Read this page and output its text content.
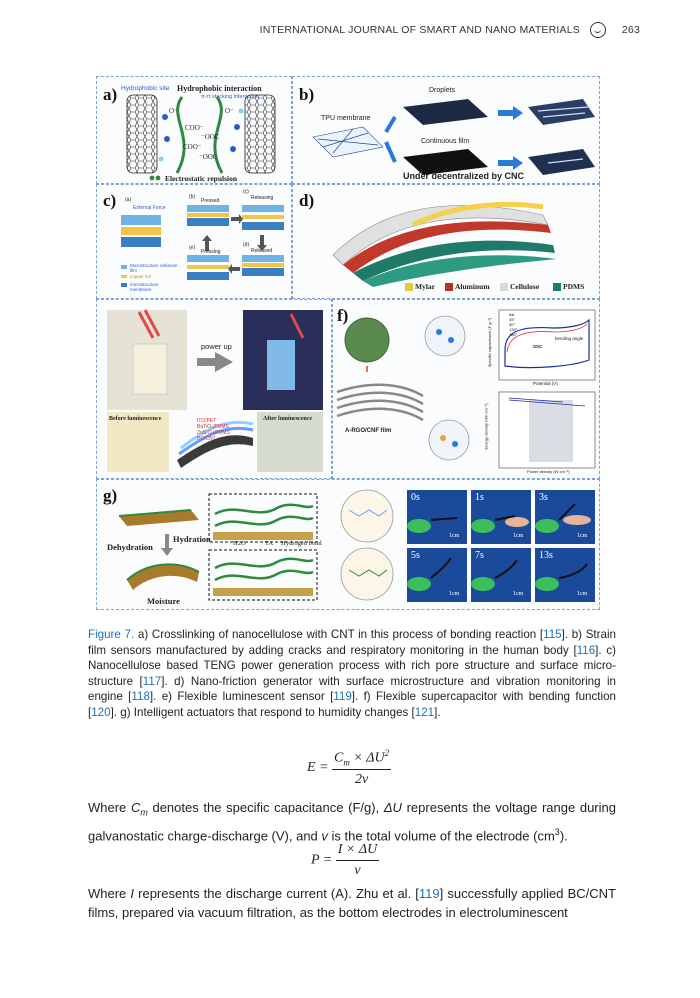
INTERNATIONAL JOURNAL OF SMART AND NANO MATERIALS	263
a) Hydrophobic site Hydrophobic interaction
π-π stacking interaction
COO⁻
COO⁻
⁻OOC
⁻OOC
O⁻	O⁻
Electrostatic repulsion
b)
TPU membrane
Droplets
Continuous film
Under decentralized by CNC
c) (a)
External Force
(b)
Pressed
(c)
Releasing
(e)
Pressing
(d)
Released
Microstructure cellulose film
copper foil
microstructure membrane
d)
Mylar	Aluminum	Cellulose	PDMS
power up
Before luminescence	After luminescence
ITO/PET BaTiO₃/PDMS ZnS:Cu/PDMS BC/CNT
f)
A-RGO/CNF film
Potential (V)
Specific capacitance (F g⁻¹)
flat
45°
90°
135°
180°
bending angle
SSC
Power density (W cm⁻³)
Energy density (Wh cm⁻³)
g)
Dehydration
Hydration
Moisture
H2O	TA Hydrogen bond
0s	1s	3s
5s	7s	13s
1cm	1cm	1cm
1cm	1cm	1cm
Figure 7. a) Crosslinking of nanocellulose with CNT in this process of bonding reaction [115]. b) Strain film sensors manufactured by adding cracks and respiratory monitoring in the human body [116]. c) Nanocellulose based TENG power generation process with rich pore structure and surface micro-structure [117]. d) Nano-friction generator with surface microstructure and vibration monitoring in engine [118]. e) Flexible luminescent sensor [119]. f) Flexible supercapacitor with bending function [120]. g) Intelligent actuators that respond to humidity changes [121].
$E = \frac{C_m \times \Delta U^2}{2v}$
Where $C_m$ denotes the specific capacitance (F/g), ΔU represents the voltage range during galvanostatic charge-discharge (V), and v is the total volume of the electrode $(cm^3)$.
$P = \frac{I \times \Delta U}{v}$
Where I represents the discharge current (A). Zhu et al. [119] successfully applied BC/CNT films, prepared via vacuum filtration, as the bottom electrodes in electroluminescent
